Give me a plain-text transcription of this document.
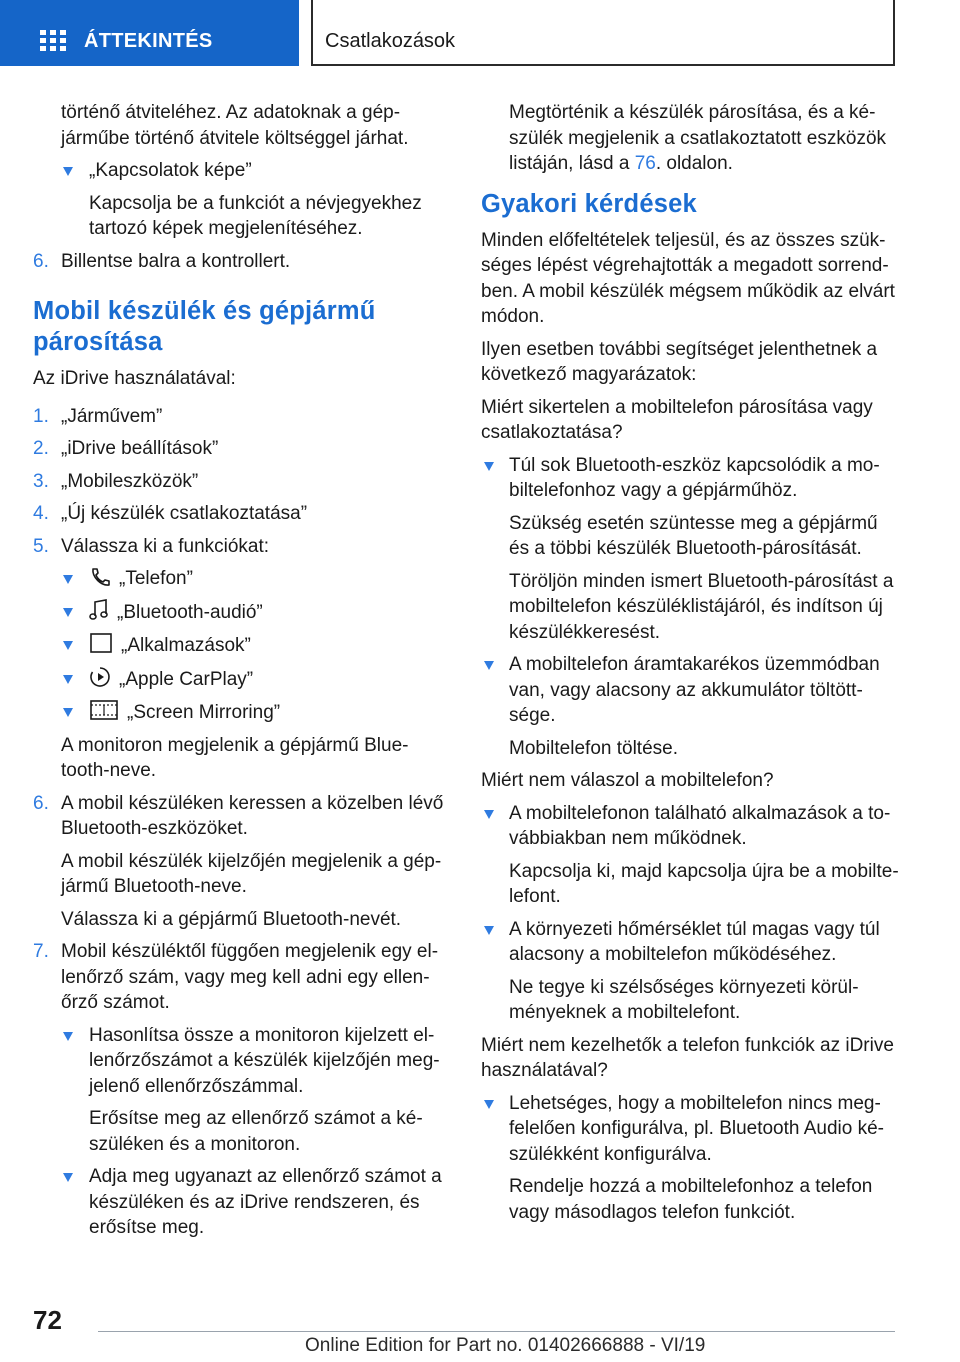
ÁTTEKINTÉS	Csatlakozások

történő átviteléhez. Az adatoknak a gépjárműbe történő átvitele költséggel járhat.

„Kapcsolatok képe”

Kapcsolja be a funkciót a névjegyekhez tartozó képek megjelenítéséhez.

6. Billentse balra a kontrollert.
Mobil készülék és gépjármű párosítása

Az iDrive használatával:

1. „Járművem”
2. „iDrive beállítások”
3. „Mobileszközök”
4. „Új készülék csatlakoztatása”
5. Válassza ki a funkciókat:
„Telefon”
„Bluetooth-audió”
„Alkalmazások”
„Apple CarPlay”
„Screen Mirroring”

A monitoron megjelenik a gépjármű Bluetooth-neve.

6. A mobil készüléken keressen a közelben lévő Bluetooth-eszközöket.

A mobil készülék kijelzőjén megjelenik a gépjármű Bluetooth-neve.

Válassza ki a gépjármű Bluetooth-nevét.

7. Mobil készüléktől függően megjelenik egy ellenőrző szám, vagy meg kell adni egy ellenőrző számot.
Hasonlítsa össze a monitoron kijelzett ellenőrzőszámot a készülék kijelzőjén megjelenő ellenőrzőszámmal.

Erősítse meg az ellenőrző számot a készüléken és a monitoron.

Adja meg ugyanazt az ellenőrző számot a készüléken és az iDrive rendszeren, és erősítse meg.

Megtörténik a készülék párosítása, és a készülék megjelenik a csatlakoztatott eszközök listáján, lásd a 76. oldalon.

Gyakori kérdések

Minden előfeltételek teljesül, és az összes szükséges lépést végrehajtották a megadott sorrendben. A mobil készülék mégsem működik az elvárt módon.

Ilyen esetben további segítséget jelenthetnek a következő magyarázatok:

Miért sikertelen a mobiltelefon párosítása vagy csatlakoztatása?

Túl sok Bluetooth-eszköz kapcsolódik a mobiltelefonhoz vagy a gépjárműhöz.

Szükség esetén szüntesse meg a gépjármű és a többi készülék Bluetooth-párosítását.

Töröljön minden ismert Bluetooth-párosítást a mobiltelefon készüléklistájáról, és indítson új készülékkeresést.

A mobiltelefon áramtakarékos üzemmódban van, vagy alacsony az akkumulátor töltöttsége.

Mobiltelefon töltése.

Miért nem válaszol a mobiltelefon?

A mobiltelefonon található alkalmazások a továbbiakban nem működnek.

Kapcsolja ki, majd kapcsolja újra be a mobiltelefont.

A környezeti hőmérséklet túl magas vagy túl alacsony a mobiltelefon működéséhez.

Ne tegye ki szélsőséges környezeti körülményeknek a mobiltelefont.

Miért nem kezelhetők a telefon funkciók az iDrive használatával?

Lehetséges, hogy a mobiltelefon nincs megfelelően konfigurálva, pl. Bluetooth Audio készülékként konfigurálva.

Rendelje hozzá a mobiltelefonhoz a telefon vagy másodlagos telefon funkciót.

72
Online Edition for Part no. 01402666888 - VI/19
